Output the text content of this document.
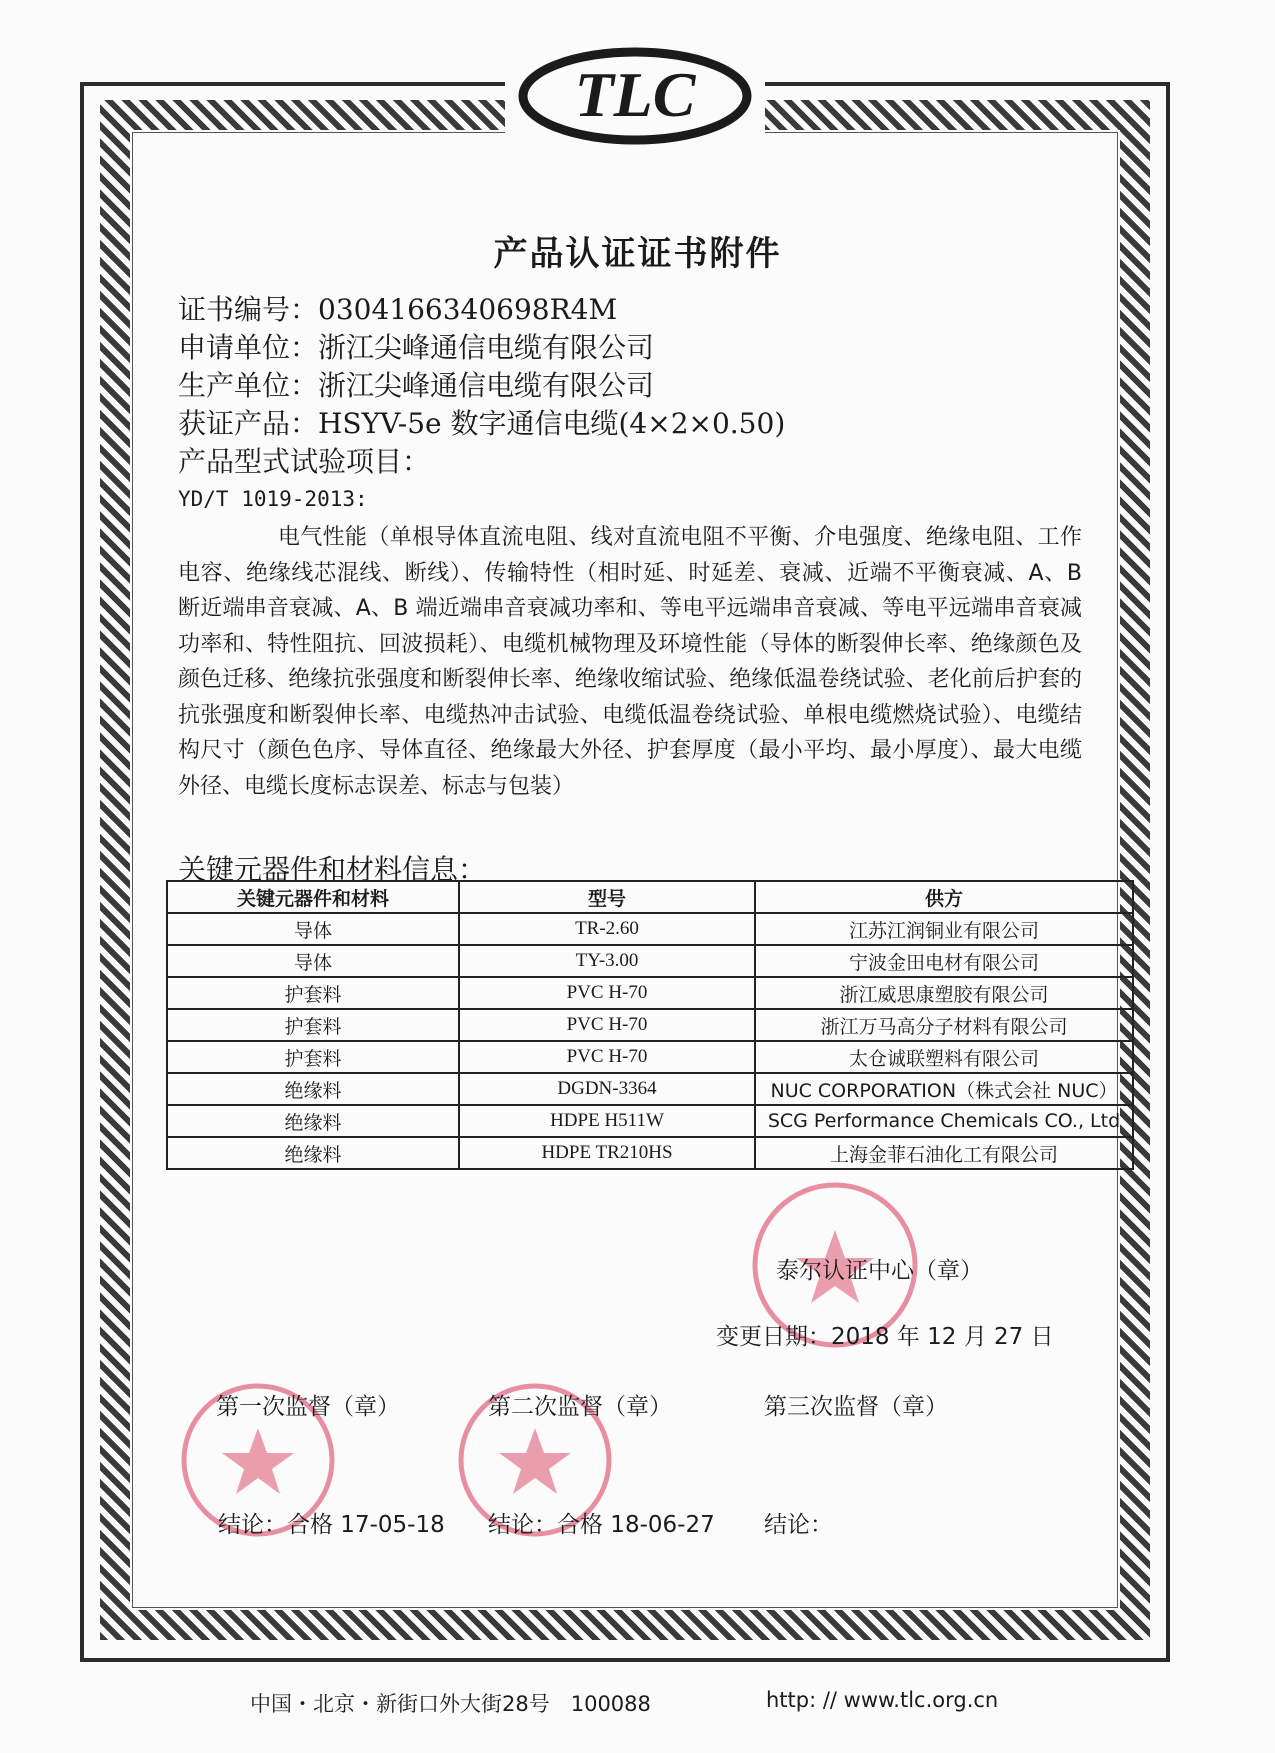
TLC
产品认证证书附件
证书编号：0304166340698R4M
申请单位：浙江尖峰通信电缆有限公司
生产单位：浙江尖峰通信电缆有限公司
获证产品：HSYV-5e 数字通信电缆(4×2×0.50)
产品型式试验项目：
YD/T 1019-2013:
电气性能（单根导体直流电阻、线对直流电阻不平衡、介电强度、绝缘电阻、工作电容、绝缘线芯混线、断线）、传输特性（相时延、时延差、衰减、近端不平衡衰减、A、B 断近端串音衰减、A、B 端近端串音衰减功率和、等电平远端串音衰减、等电平远端串音衰减功率和、特性阻抗、回波损耗）、电缆机械物理及环境性能（导体的断裂伸长率、绝缘颜色及颜色迁移、绝缘抗张强度和断裂伸长率、绝缘收缩试验、绝缘低温卷绕试验、老化前后护套的抗张强度和断裂伸长率、电缆热冲击试验、电缆低温卷绕试验、单根电缆燃烧试验）、电缆结构尺寸（颜色色序、导体直径、绝缘最大外径、护套厚度（最小平均、最小厚度）、最大电缆外径、电缆长度标志误差、标志与包装）
关键元器件和材料信息：
关键元器件和材料	型号	供方
导体	TR-2.60	江苏江润铜业有限公司
导体	TY-3.00	宁波金田电材有限公司
护套料	PVC H-70	浙江威思康塑胶有限公司
护套料	PVC H-70	浙江万马高分子材料有限公司
护套料	PVC H-70	太仓诚联塑料有限公司
绝缘料	DGDN-3364	NUC CORPORATION（株式会社 NUC）
绝缘料	HDPE H511W	SCG Performance Chemicals CO., Ltd
绝缘料	HDPE TR210HS	上海金菲石油化工有限公司
泰尔认证中心（章）
变更日期：2018 年 12 月 27 日
第一次监督（章）	第二次监督（章）	第三次监督（章）
结论：合格 17-05-18 结论：合格 18-06-27 结论：
中国・北京・新街口外大街28号　100088	http: // www.tlc.org.cn
